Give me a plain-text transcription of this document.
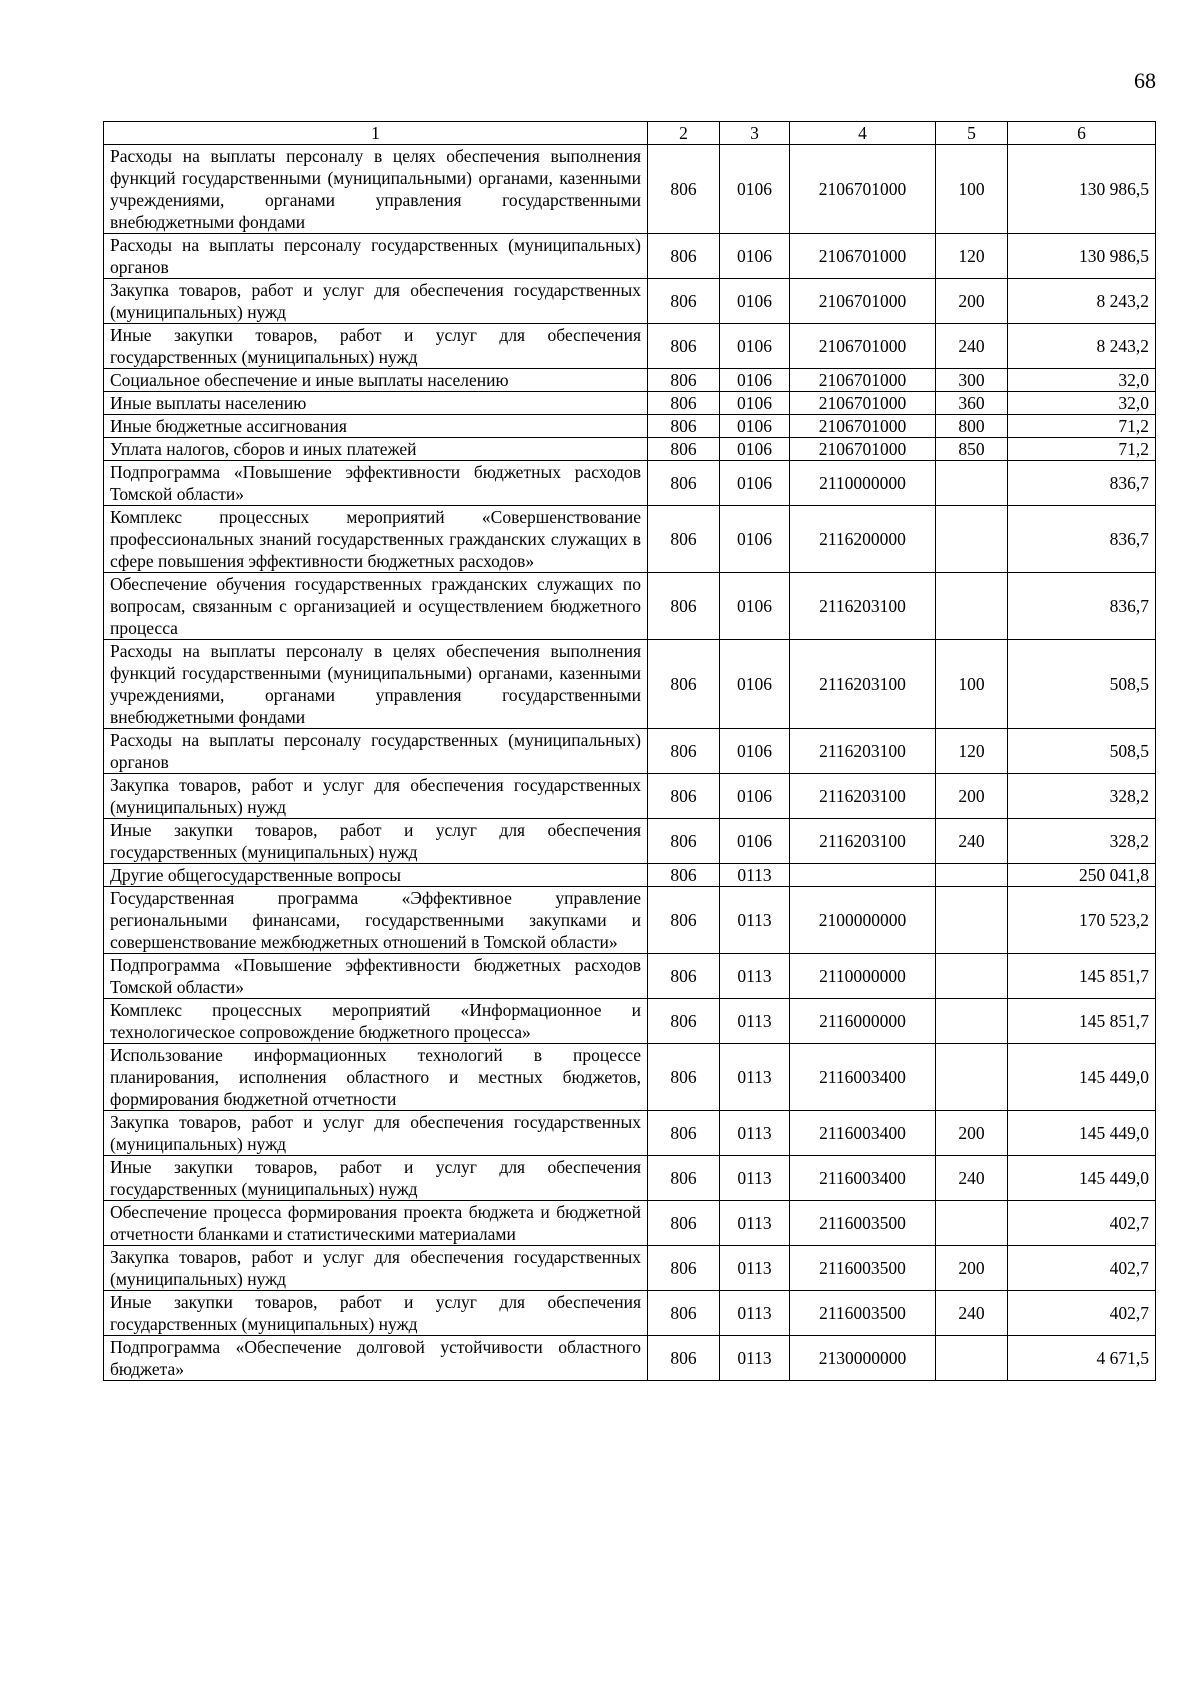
68
1	2	3	4	5	6
Расходы на выплаты персоналу в целях обеспечения выполнения функций государственными (муниципальными) органами, казенными учреждениями, органами управления государственными внебюджетными фондами	806	0106	2106701000	100	130 986,5
Расходы на выплаты персоналу государственных (муниципальных) органов	806	0106	2106701000	120	130 986,5
Закупка товаров, работ и услуг для обеспечения государственных (муниципальных) нужд	806	0106	2106701000	200	8 243,2
Иные закупки товаров, работ и услуг для обеспечения государственных (муниципальных) нужд	806	0106	2106701000	240	8 243,2
Социальное обеспечение и иные выплаты населению	806	0106	2106701000	300	32,0
Иные выплаты населению	806	0106	2106701000	360	32,0
Иные бюджетные ассигнования	806	0106	2106701000	800	71,2
Уплата налогов, сборов и иных платежей	806	0106	2106701000	850	71,2
Подпрограмма «Повышение эффективности бюджетных расходов Томской области»	806	0106	2110000000		836,7
Комплекс процессных мероприятий «Совершенствование профессиональных знаний государственных гражданских служащих в сфере повышения эффективности бюджетных расходов»	806	0106	2116200000		836,7
Обеспечение обучения государственных гражданских служащих по вопросам, связанным с организацией и осуществлением бюджетного процесса	806	0106	2116203100		836,7
Расходы на выплаты персоналу в целях обеспечения выполнения функций государственными (муниципальными) органами, казенными учреждениями, органами управления государственными внебюджетными фондами	806	0106	2116203100	100	508,5
Расходы на выплаты персоналу государственных (муниципальных) органов	806	0106	2116203100	120	508,5
Закупка товаров, работ и услуг для обеспечения государственных (муниципальных) нужд	806	0106	2116203100	200	328,2
Иные закупки товаров, работ и услуг для обеспечения государственных (муниципальных) нужд	806	0106	2116203100	240	328,2
Другие общегосударственные вопросы	806	0113			250 041,8
Государственная программа «Эффективное управление региональными финансами, государственными закупками и совершенствование межбюджетных отношений в Томской области»	806	0113	2100000000		170 523,2
Подпрограмма «Повышение эффективности бюджетных расходов Томской области»	806	0113	2110000000		145 851,7
Комплекс процессных мероприятий «Информационное и технологическое сопровождение бюджетного процесса»	806	0113	2116000000		145 851,7
Использование информационных технологий в процессе планирования, исполнения областного и местных бюджетов, формирования бюджетной отчетности	806	0113	2116003400		145 449,0
Закупка товаров, работ и услуг для обеспечения государственных (муниципальных) нужд	806	0113	2116003400	200	145 449,0
Иные закупки товаров, работ и услуг для обеспечения государственных (муниципальных) нужд	806	0113	2116003400	240	145 449,0
Обеспечение процесса формирования проекта бюджета и бюджетной отчетности бланками и статистическими материалами	806	0113	2116003500		402,7
Закупка товаров, работ и услуг для обеспечения государственных (муниципальных) нужд	806	0113	2116003500	200	402,7
Иные закупки товаров, работ и услуг для обеспечения государственных (муниципальных) нужд	806	0113	2116003500	240	402,7
Подпрограмма «Обеспечение долговой устойчивости областного бюджета»	806	0113	2130000000		4 671,5
